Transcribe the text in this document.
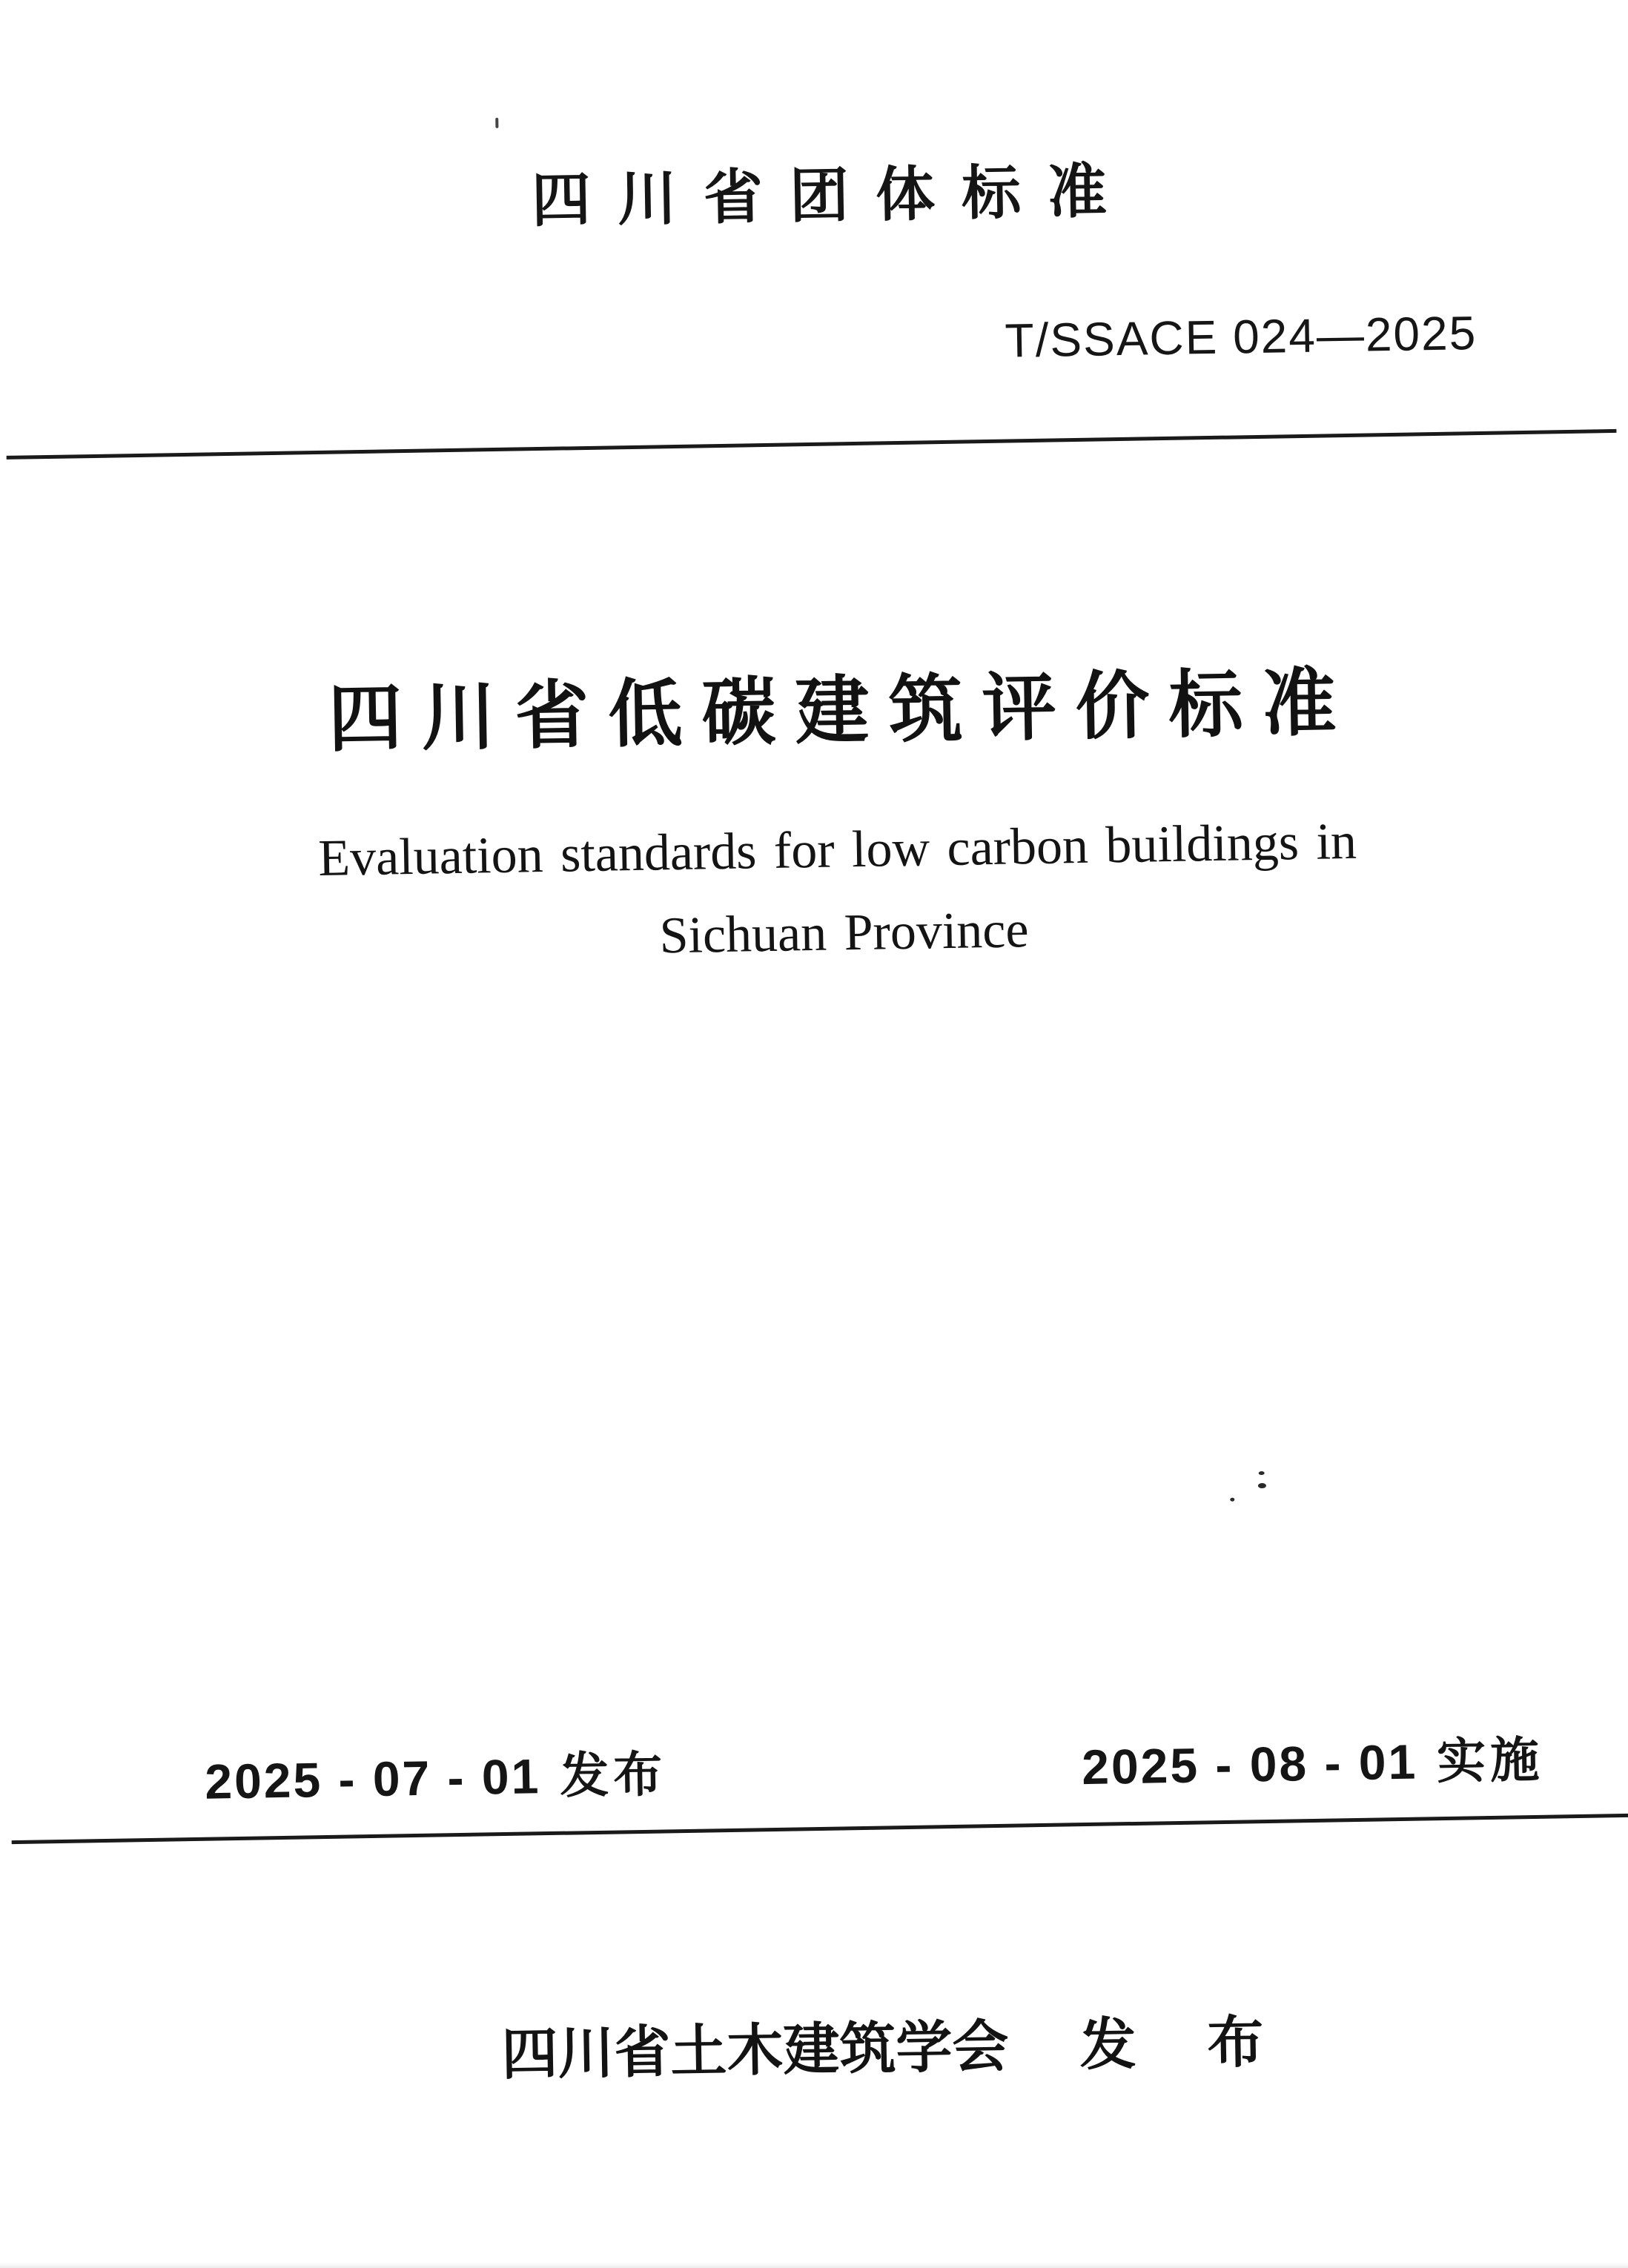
四川省团体标准
T/SSACE 024—2025
四川省低碳建筑评价标准
Evaluation standards for low carbon buildings in
Sichuan Province
2025 - 07 - 01 发布	2025 - 08 - 01 实施
四川省土木建筑学会 发 布
